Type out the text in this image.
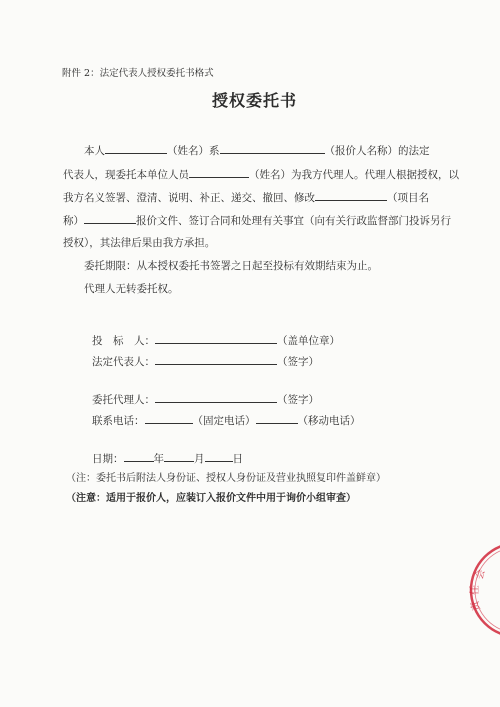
附件 2：法定代表人授权委托书格式
授权委托书
本人	（姓名）系	（报价人名称）的法定
代表人，现委托本单位人员	（姓名）为我方代理人。代理人根据授权，以
我方名义签署、澄清、说明、补正、递交、撤回、修改	（项目名
称）	报价文件、签订合同和处理有关事宜（向有关行政监督部门投诉另行
授权），其法律后果由我方承担。
委托期限：从本授权委托书签署之日起至投标有效期结束为止。
代理人无转委托权。
投　标　人：	（盖单位章）
法定代表人：	（签字）
委托代理人：	（签字）
联系电话：	（固定电话）	（移动电话）
日期：	年	月	日
（注：委托书后附法人身份证、授权人身份证及营业执照复印件盖鲜章）
（注意：适用于报价人，应装订入报价文件中用于询价小组审查）
会
任
责
